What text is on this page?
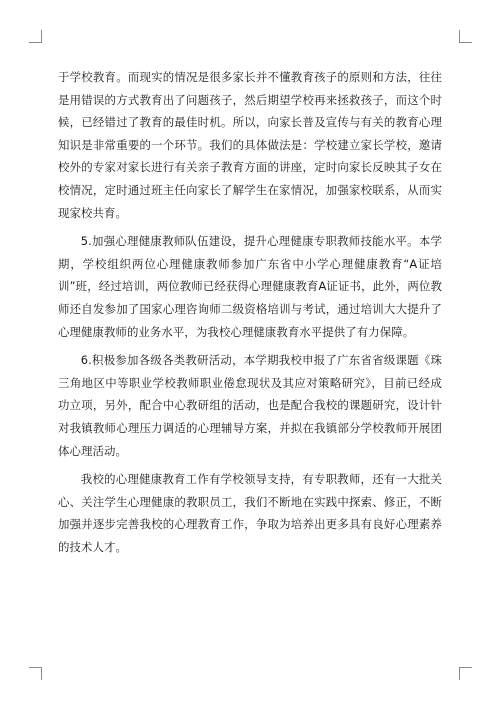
于学校教育。而现实的情况是很多家长并不懂教育孩子的原则和方法，往往是用错误的方式教育出了问题孩子，然后期望学校再来拯救孩子，而这个时候，已经错过了教育的最佳时机。所以，向家长普及宣传与有关的教育心理知识是非常重要的一个环节。我们的具体做法是：学校建立家长学校，邀请校外的专家对家长进行有关亲子教育方面的讲座，定时向家长反映其子女在校情况，定时通过班主任向家长了解学生在家情况，加强家校联系，从而实现家校共育。

5.加强心理健康教师队伍建设，提升心理健康专职教师技能水平。本学期，学校组织两位心理健康教师参加广东省中小学心理健康教育“A证培训”班，经过培训，两位教师已经获得心理健康教育A证证书，此外，两位教师还自发参加了国家心理咨询师二级资格培训与考试，通过培训大大提升了心理健康教师的业务水平，为我校心理健康教育水平提供了有力保障。

6.积极参加各级各类教研活动，本学期我校申报了广东省省级课题《珠三角地区中等职业学校教师职业倦怠现状及其应对策略研究》，目前已经成功立项，另外，配合中心教研组的活动，也是配合我校的课题研究，设计针对我镇教师心理压力调适的心理辅导方案，并拟在我镇部分学校教师开展团体心理活动。

我校的心理健康教育工作有学校领导支持，有专职教师，还有一大批关心、关注学生心理健康的教职员工，我们不断地在实践中探索、修正，不断加强并逐步完善我校的心理教育工作，争取为培养出更多具有良好心理素养的技术人才。
